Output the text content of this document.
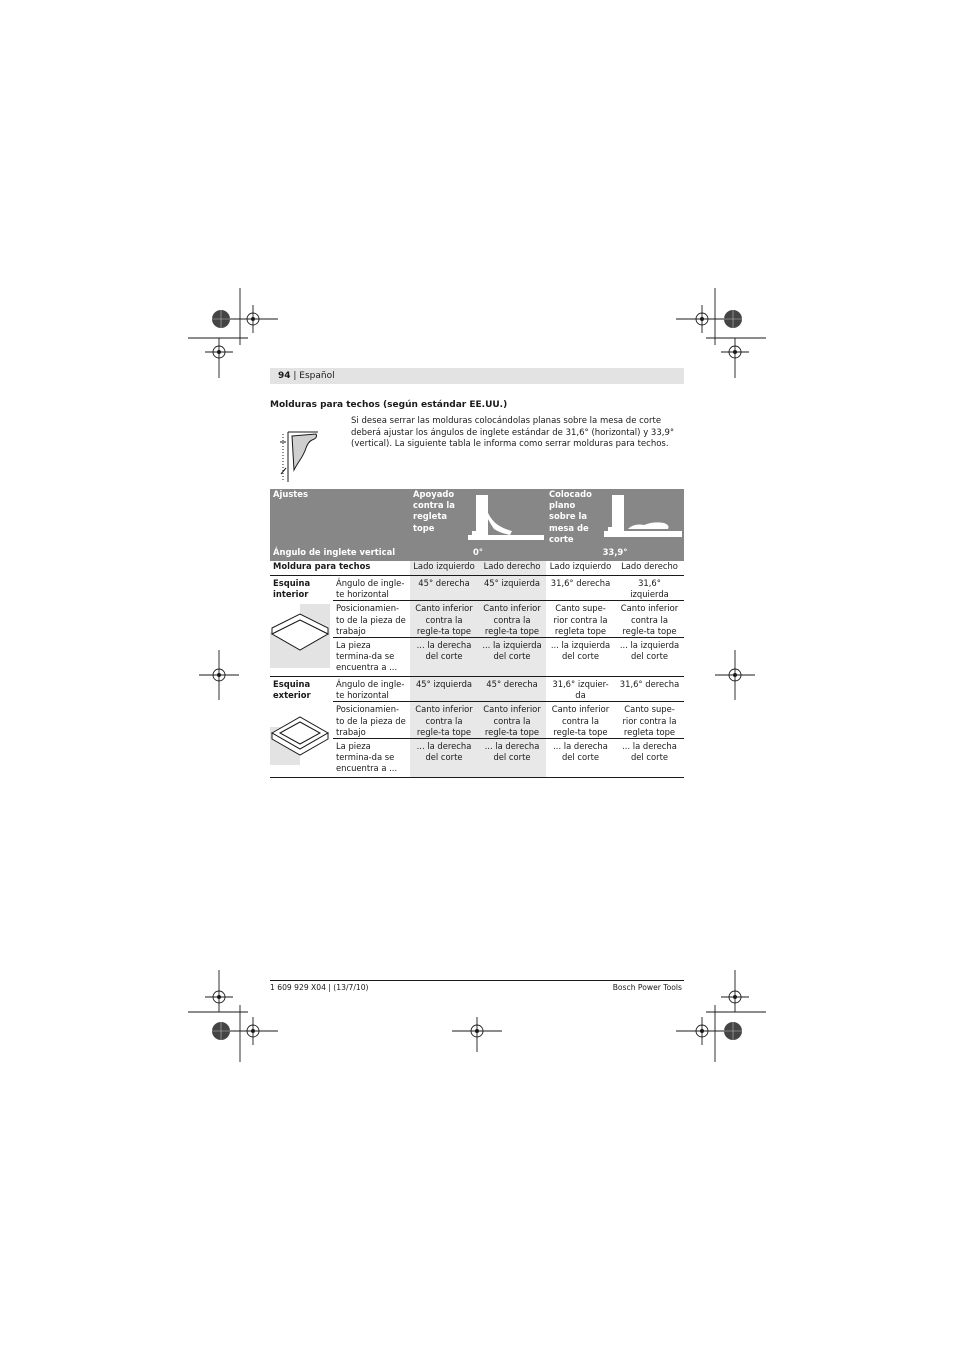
94 | Español
Molduras para techos (según estándar EE.UU.)

Si desea serrar las molduras colocándolas planas sobre la mesa de corte deberá ajustar los ángulos de inglete estándar de 31,6° (horizontal) y 33,9° (vertical). La siguiente tabla le informa como serrar molduras para techos.

Ajustes		Apoyado contra la regleta tope		Colocado plano sobre la mesa de corte	

Ángulo de inglete vertical		0°		33,9°	
Moldura para techos		Lado izquierdo	Lado derecho	Lado izquierdo	Lado derecho

Esquina interior	Ángulo de ingle-te horizontal	45° derecha	45° izquierda	31,6° derecha	31,6° izquierda
	Posicionamien-to de la pieza de trabajo	Canto inferior contra la regle-ta tope	Canto inferior contra la regle-ta tope	Canto supe-rior contra la regleta tope	Canto inferior contra la regle-ta tope
	La pieza termina-da se encuentra a ...	... la derecha del corte	... la izquierda del corte	... la izquierda del corte	... la izquierda del corte

Esquina exterior	Ángulo de ingle-te horizontal	45° izquierda	45° derecha	31,6° izquier-da	31,6° derecha
	Posicionamien-to de la pieza de trabajo	Canto inferior contra la regle-ta tope	Canto inferior contra la regle-ta tope	Canto inferior contra la regle-ta tope	Canto supe-rior contra la regleta tope
	La pieza termina-da se encuentra a ...	... la derecha del corte	... la derecha del corte	... la derecha del corte	... la derecha del corte
1 609 929 X04 | (13/7/10)	Bosch Power Tools
